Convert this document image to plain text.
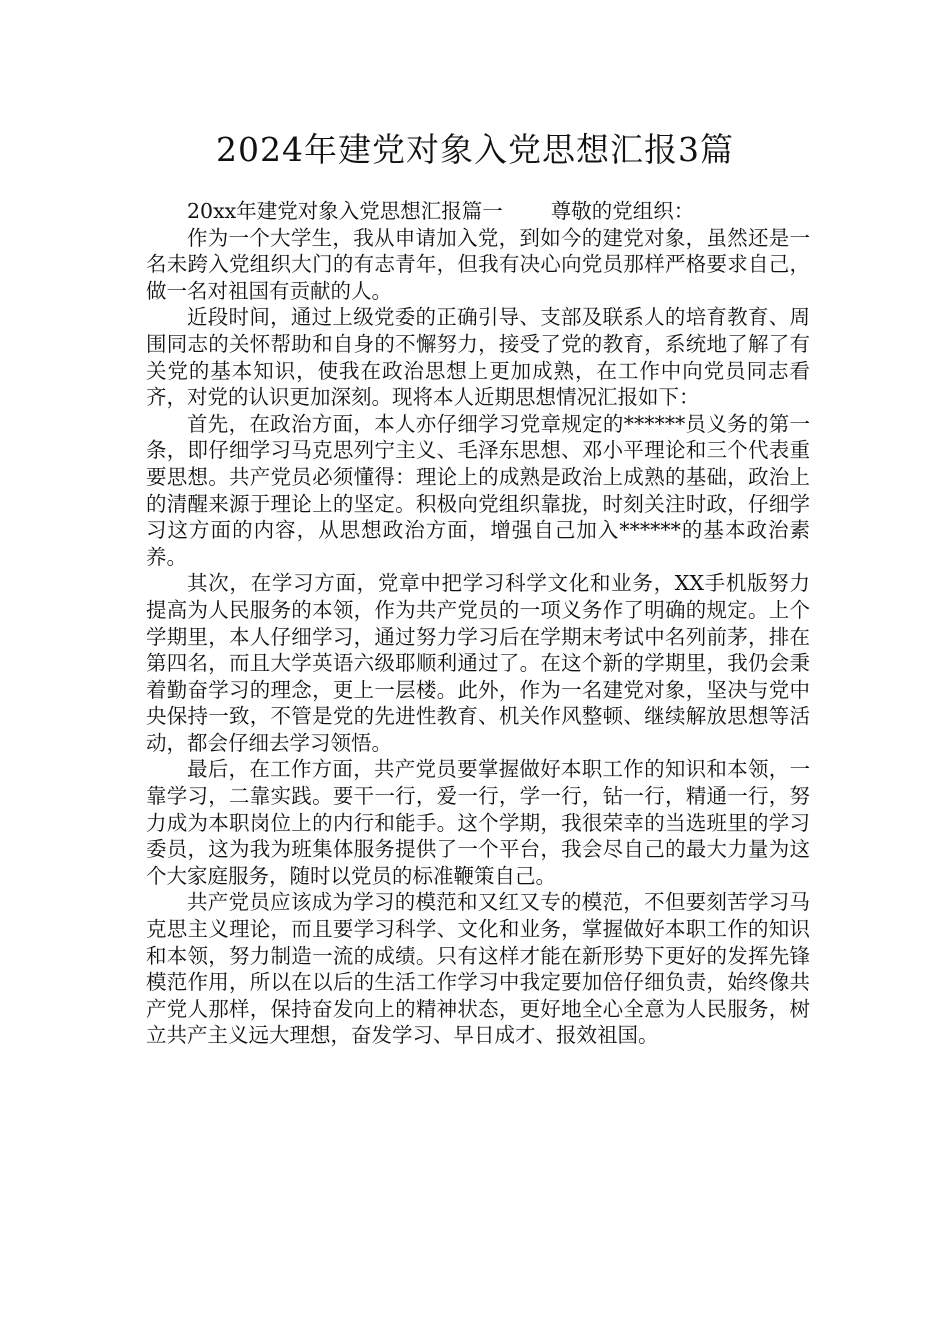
2024年建党对象入党思想汇报3篇
20xx年建党对象入党思想汇报篇一 尊敬的党组织：

作为一个大学生，我从申请加入党，到如今的建党对象，虽然还是一名未跨入党组织大门的有志青年，但我有决心向党员那样严格要求自己，做一名对祖国有贡献的人。

近段时间，通过上级党委的正确引导、支部及联系人的培育教育、周围同志的关怀帮助和自身的不懈努力，接受了党的教育，系统地了解了有关党的基本知识，使我在政治思想上更加成熟，在工作中向党员同志看齐，对党的认识更加深刻。现将本人近期思想情况汇报如下：

首先，在政治方面，本人亦仔细学习党章规定的******员义务的第一条，即仔细学习马克思列宁主义、毛泽东思想、邓小平理论和三个代表重要思想。共产党员必须懂得：理论上的成熟是政治上成熟的基础，政治上的清醒来源于理论上的坚定。积极向党组织靠拢，时刻关注时政，仔细学习这方面的内容，从思想政治方面，增强自己加入******的基本政治素养。

其次，在学习方面，党章中把学习科学文化和业务，XX手机版努力提高为人民服务的本领，作为共产党员的一项义务作了明确的规定。上个学期里，本人仔细学习，通过努力学习后在学期末考试中名列前茅，排在第四名，而且大学英语六级耶顺利通过了。在这个新的学期里，我仍会秉着勤奋学习的理念，更上一层楼。此外，作为一名建党对象，坚决与党中央保持一致，不管是党的先进性教育、机关作风整顿、继续解放思想等活动，都会仔细去学习领悟。

最后，在工作方面，共产党员要掌握做好本职工作的知识和本领，一靠学习，二靠实践。要干一行，爱一行，学一行，钻一行，精通一行，努力成为本职岗位上的内行和能手。这个学期，我很荣幸的当选班里的学习委员，这为我为班集体服务提供了一个平台，我会尽自己的最大力量为这个大家庭服务，随时以党员的标准鞭策自己。

共产党员应该成为学习的模范和又红又专的模范，不但要刻苦学习马克思主义理论，而且要学习科学、文化和业务，掌握做好本职工作的知识和本领，努力制造一流的成绩。只有这样才能在新形势下更好的发挥先锋模范作用，所以在以后的生活工作学习中我定要加倍仔细负责，始终像共产党人那样，保持奋发向上的精神状态，更好地全心全意为人民服务，树立共产主义远大理想，奋发学习、早日成才、报效祖国。
